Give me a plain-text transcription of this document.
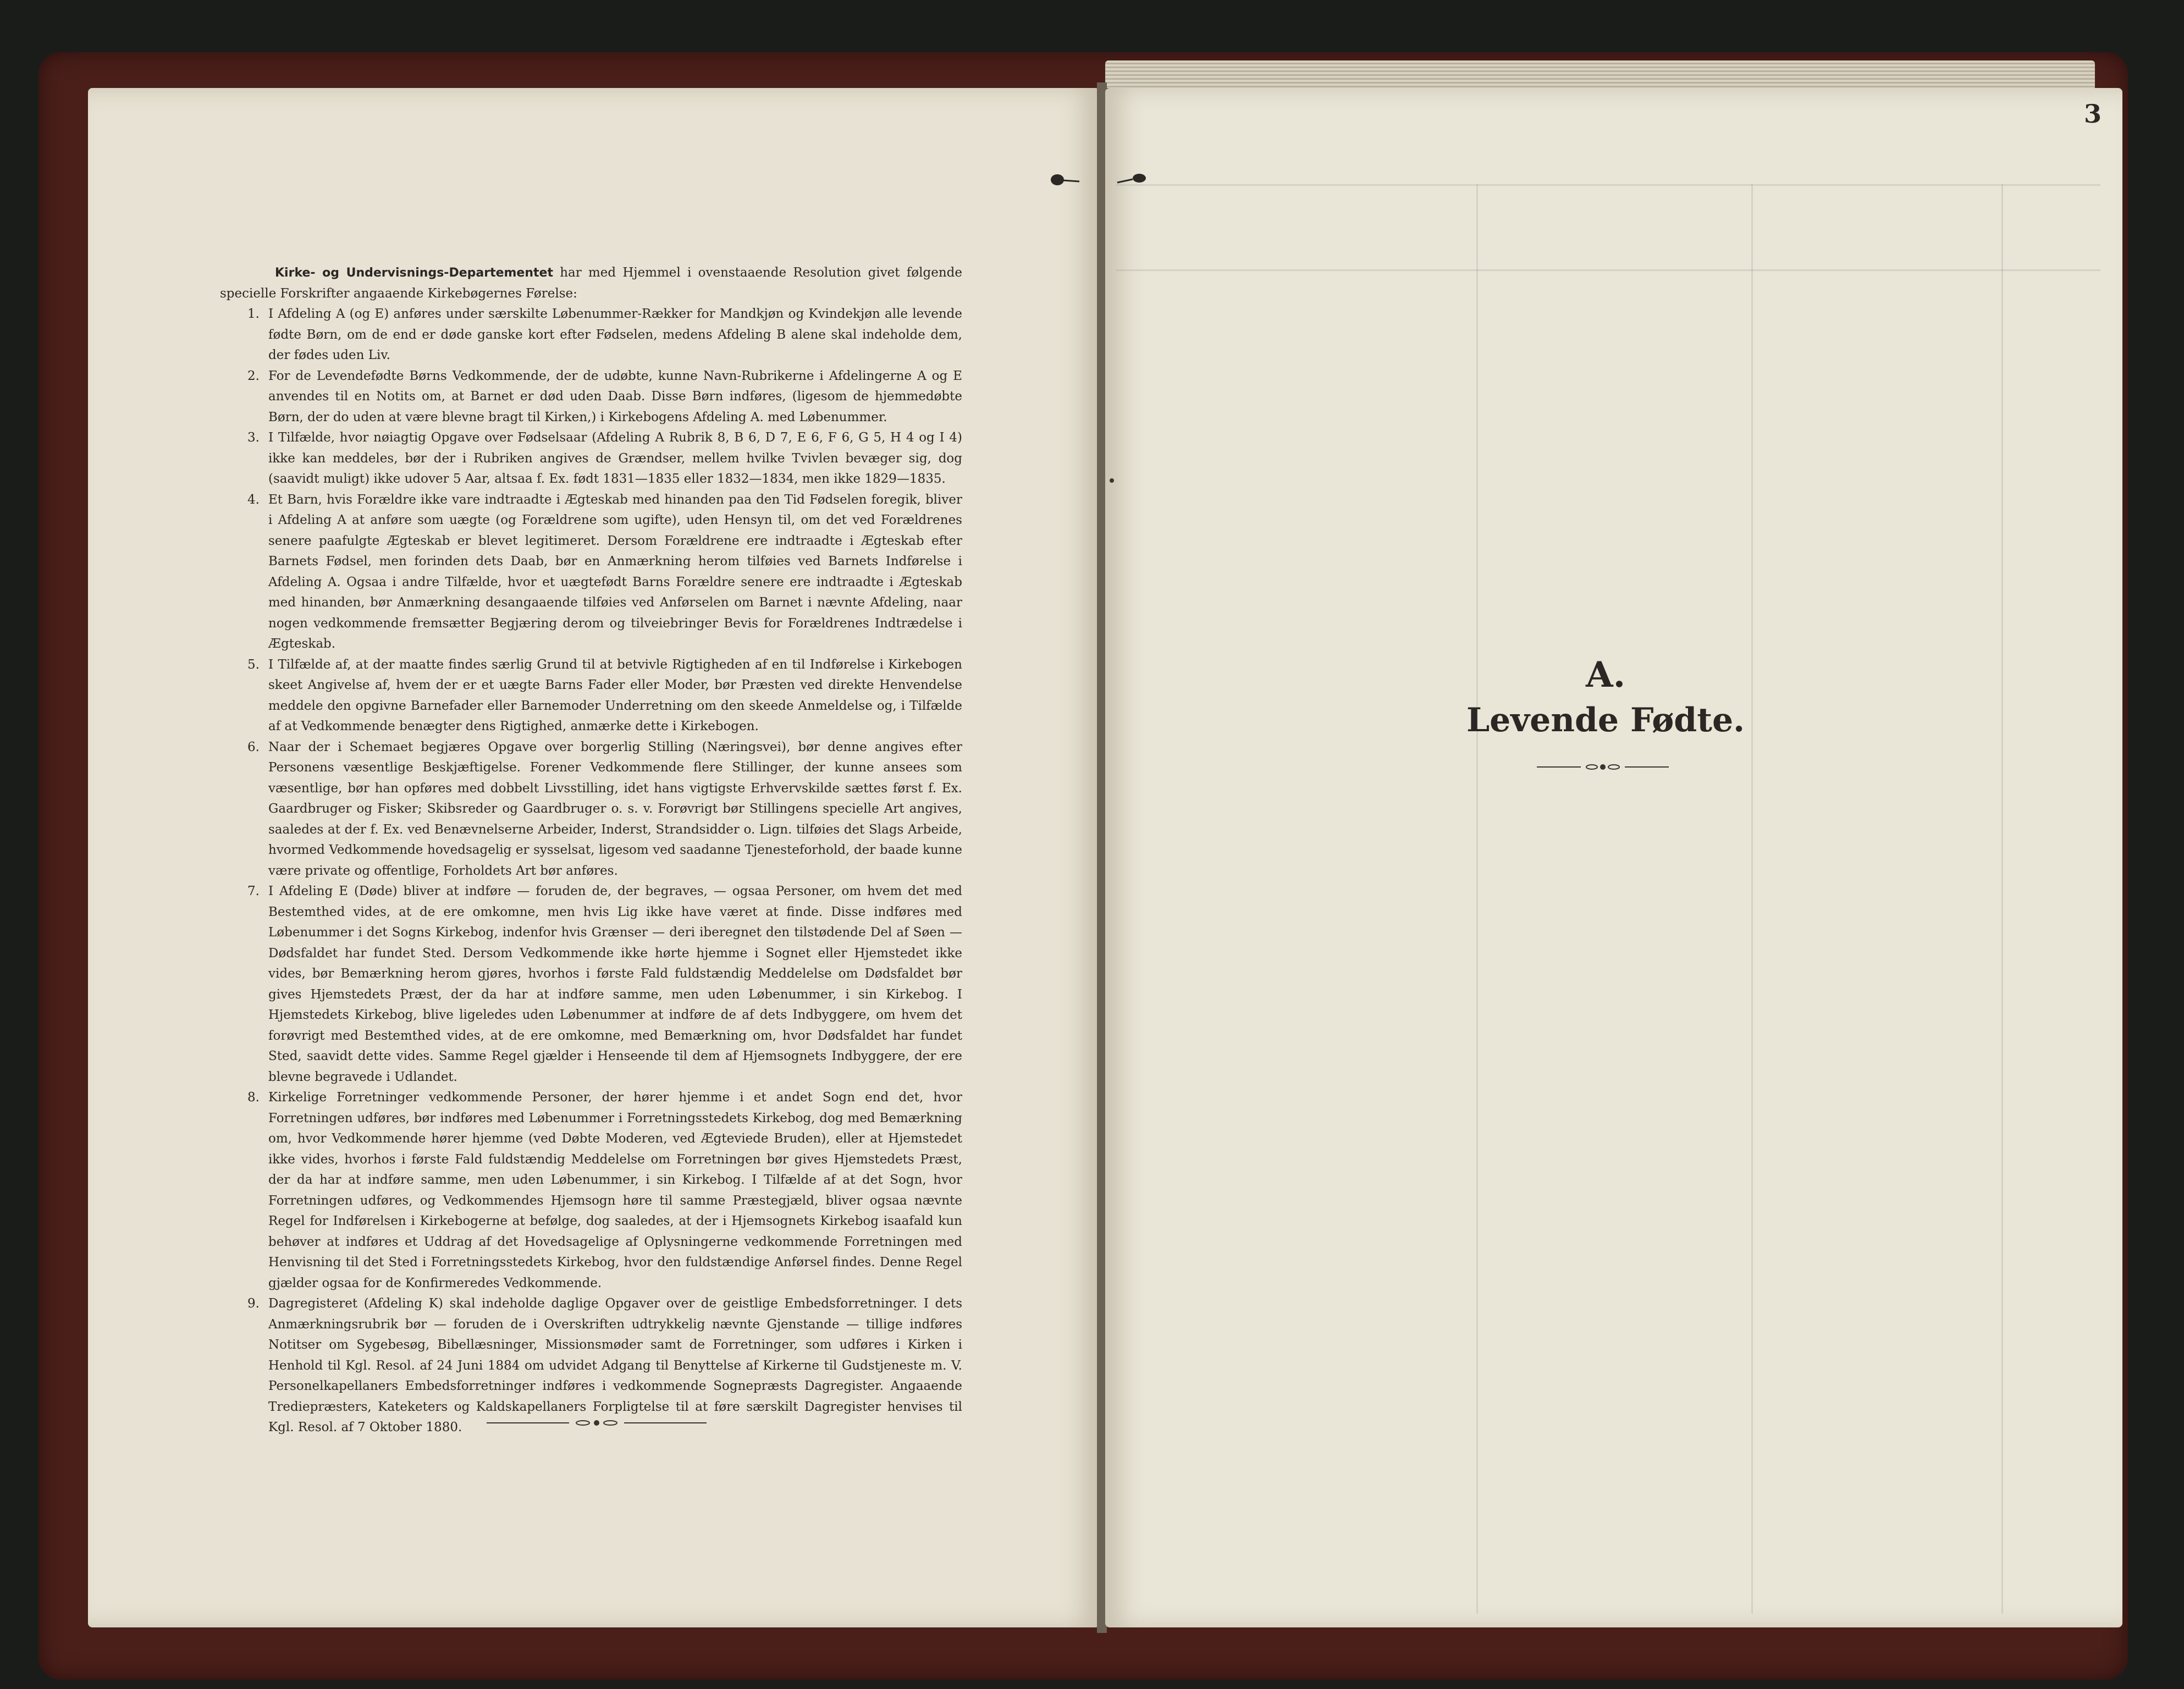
Kirke- og Undervisnings-Departementet har med Hjemmel i ovenstaaende Resolution givet følgende specielle Forskrifter angaaende Kirkebøgernes Førelse:

1. I Afdeling A (og E) anføres under særskilte Løbenummer-Rækker for Mandkjøn og Kvindekjøn alle levende fødte Børn, om de end er døde ganske kort efter Fødselen, medens Afdeling B alene skal indeholde dem, der fødes uden Liv.
2. For de Levendefødte Børns Vedkommende, der de udøbte, kunne Navn-Rubrikerne i Afdelingerne A og E anvendes til en Notits om, at Barnet er død uden Daab. Disse Børn indføres, (ligesom de hjemmedøbte Børn, der do uden at være blevne bragt til Kirken,) i Kirkebogens Afdeling A. med Løbenummer.
3. I Tilfælde, hvor nøiagtig Opgave over Fødselsaar (Afdeling A Rubrik 8, B 6, D 7, E 6, F 6, G 5, H 4 og I 4) ikke kan meddeles, bør der i Rubriken angives de Grændser, mellem hvilke Tvivlen bevæger sig, dog (saavidt muligt) ikke udover 5 Aar, altsaa f. Ex. født 1831—1835 eller 1832—1834, men ikke 1829—1835.
4. Et Barn, hvis Forældre ikke vare indtraadte i Ægteskab med hinanden paa den Tid Fødselen foregik, bliver i Afdeling A at anføre som uægte (og Forældrene som ugifte), uden Hensyn til, om det ved Forældrenes senere paafulgte Ægteskab er blevet legitimeret. Dersom Forældrene ere indtraadte i Ægteskab efter Barnets Fødsel, men forinden dets Daab, bør en Anmærkning herom tilføies ved Barnets Indførelse i Afdeling A. Ogsaa i andre Tilfælde, hvor et uægtefødt Barns Forældre senere ere indtraadte i Ægteskab med hinanden, bør Anmærkning desangaaende tilføies ved Anførselen om Barnet i nævnte Afdeling, naar nogen vedkommende fremsætter Begjæring derom og tilveiebringer Bevis for Forældrenes Indtrædelse i Ægteskab.
5. I Tilfælde af, at der maatte findes særlig Grund til at betvivle Rigtigheden af en til Indførelse i Kirkebogen skeet Angivelse af, hvem der er et uægte Barns Fader eller Moder, bør Præsten ved direkte Henvendelse meddele den opgivne Barnefader eller Barnemoder Underretning om den skeede Anmeldelse og, i Tilfælde af at Vedkommende benægter dens Rigtighed, anmærke dette i Kirkebogen.
6. Naar der i Schemaet begjæres Opgave over borgerlig Stilling (Næringsvei), bør denne angives efter Personens væsentlige Beskjæftigelse. Forener Vedkommende flere Stillinger, der kunne ansees som væsentlige, bør han opføres med dobbelt Livsstilling, idet hans vigtigste Erhvervskilde sættes først f. Ex. Gaardbruger og Fisker; Skibsreder og Gaardbruger o. s. v. Forøvrigt bør Stillingens specielle Art angives, saaledes at der f. Ex. ved Benævnelserne Arbeider, Inderst, Strandsidder o. Lign. tilføies det Slags Arbeide, hvormed Vedkommende hovedsagelig er sysselsat, ligesom ved saadanne Tjenesteforhold, der baade kunne være private og offentlige, Forholdets Art bør anføres.
7. I Afdeling E (Døde) bliver at indføre — foruden de, der begraves, — ogsaa Personer, om hvem det med Bestemthed vides, at de ere omkomne, men hvis Lig ikke have været at finde. Disse indføres med Løbenummer i det Sogns Kirkebog, indenfor hvis Grænser — deri iberegnet den tilstødende Del af Søen — Dødsfaldet har fundet Sted. Dersom Vedkommende ikke hørte hjemme i Sognet eller Hjemstedet ikke vides, bør Bemærkning herom gjøres, hvorhos i første Fald fuldstændig Meddelelse om Dødsfaldet bør gives Hjemstedets Præst, der da har at indføre samme, men uden Løbenummer, i sin Kirkebog. I Hjemstedets Kirkebog, blive ligeledes uden Løbenummer at indføre de af dets Indbyggere, om hvem det forøvrigt med Bestemthed vides, at de ere omkomne, med Bemærkning om, hvor Dødsfaldet har fundet Sted, saavidt dette vides. Samme Regel gjælder i Henseende til dem af Hjemsognets Indbyggere, der ere blevne begravede i Udlandet.
8. Kirkelige Forretninger vedkommende Personer, der hører hjemme i et andet Sogn end det, hvor Forretningen udføres, bør indføres med Løbenummer i Forretningsstedets Kirkebog, dog med Bemærkning om, hvor Vedkommende hører hjemme (ved Døbte Moderen, ved Ægteviede Bruden), eller at Hjemstedet ikke vides, hvorhos i første Fald fuldstændig Meddelelse om Forretningen bør gives Hjemstedets Præst, der da har at indføre samme, men uden Løbenummer, i sin Kirkebog. I Tilfælde af at det Sogn, hvor Forretningen udføres, og Vedkommendes Hjemsogn høre til samme Præstegjæld, bliver ogsaa nævnte Regel for Indførelsen i Kirkebogerne at befølge, dog saaledes, at der i Hjemsognets Kirkebog isaafald kun behøver at indføres et Uddrag af det Hovedsagelige af Oplysningerne vedkommende Forretningen med Henvisning til det Sted i Forretningsstedets Kirkebog, hvor den fuldstændige Anførsel findes. Denne Regel gjælder ogsaa for de Konfirmeredes Vedkommende.
9. Dagregisteret (Afdeling K) skal indeholde daglige Opgaver over de geistlige Embedsforretninger. I dets Anmærkningsrubrik bør — foruden de i Overskriften udtrykkelig nævnte Gjenstande — tillige indføres Notitser om Sygebesøg, Bibellæsninger, Missionsmøder samt de Forretninger, som udføres i Kirken i Henhold til Kgl. Resol. af 24 Juni 1884 om udvidet Adgang til Benyttelse af Kirkerne til Gudstjeneste m. V. Personelkapellaners Embedsforretninger indføres i vedkommende Sognepræsts Dagregister. Angaaende Trediepræsters, Kateketers og Kaldskapellaners Forpligtelse til at føre særskilt Dagregister henvises til Kgl. Resol. af 7 Oktober 1880.
3
A.
Levende Fødte.
